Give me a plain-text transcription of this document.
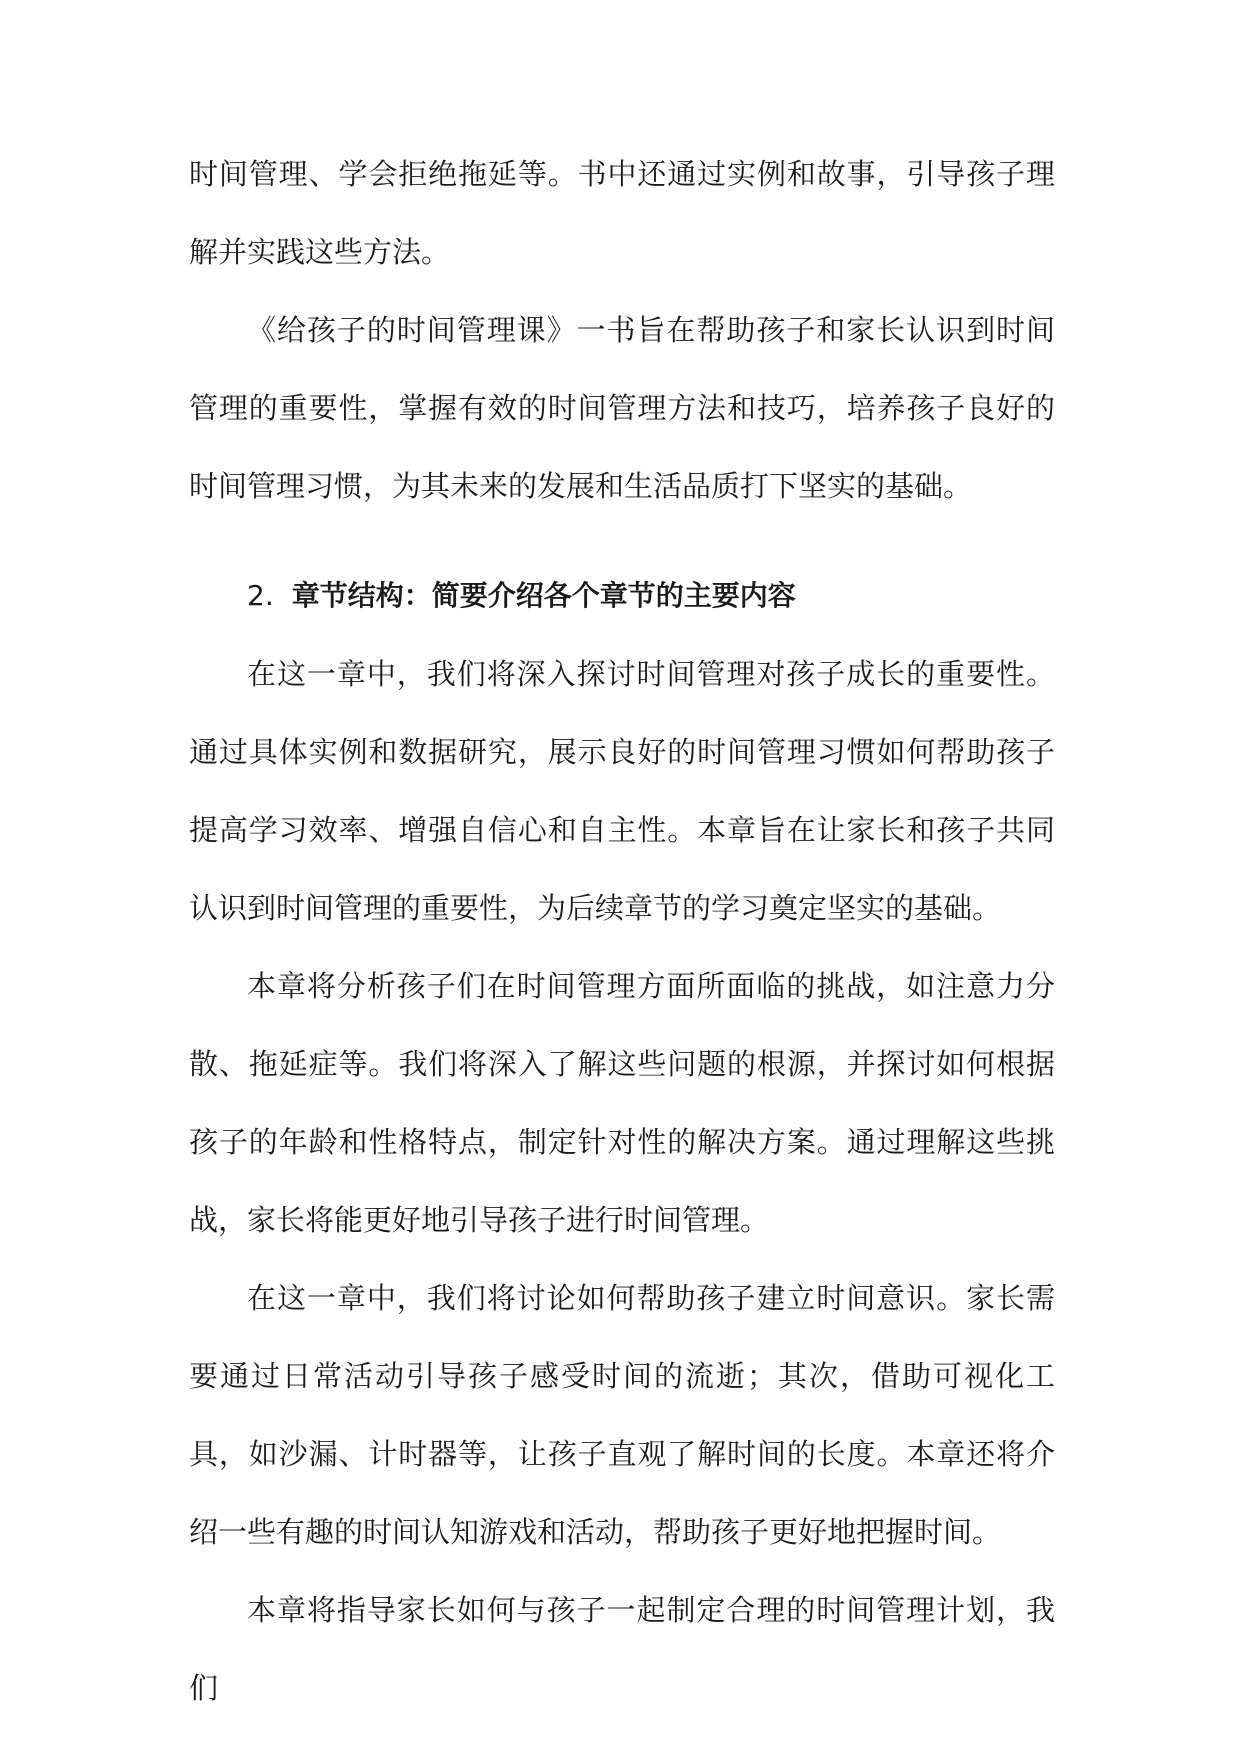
时间管理、学会拒绝拖延等。书中还通过实例和故事，引导孩子理解并实践这些方法。

《给孩子的时间管理课》一书旨在帮助孩子和家长认识到时间管理的重要性，掌握有效的时间管理方法和技巧，培养孩子良好的时间管理习惯，为其未来的发展和生活品质打下坚实的基础。

2. 章节结构：简要介绍各个章节的主要内容

在这一章中，我们将深入探讨时间管理对孩子成长的重要性。通过具体实例和数据研究，展示良好的时间管理习惯如何帮助孩子提高学习效率、增强自信心和自主性。本章旨在让家长和孩子共同认识到时间管理的重要性，为后续章节的学习奠定坚实的基础。

本章将分析孩子们在时间管理方面所面临的挑战，如注意力分散、拖延症等。我们将深入了解这些问题的根源，并探讨如何根据孩子的年龄和性格特点，制定针对性的解决方案。通过理解这些挑战，家长将能更好地引导孩子进行时间管理。

在这一章中，我们将讨论如何帮助孩子建立时间意识。家长需要通过日常活动引导孩子感受时间的流逝；其次，借助可视化工具，如沙漏、计时器等，让孩子直观了解时间的长度。本章还将介绍一些有趣的时间认知游戏和活动，帮助孩子更好地把握时间。

本章将指导家长如何与孩子一起制定合理的时间管理计划，我们
